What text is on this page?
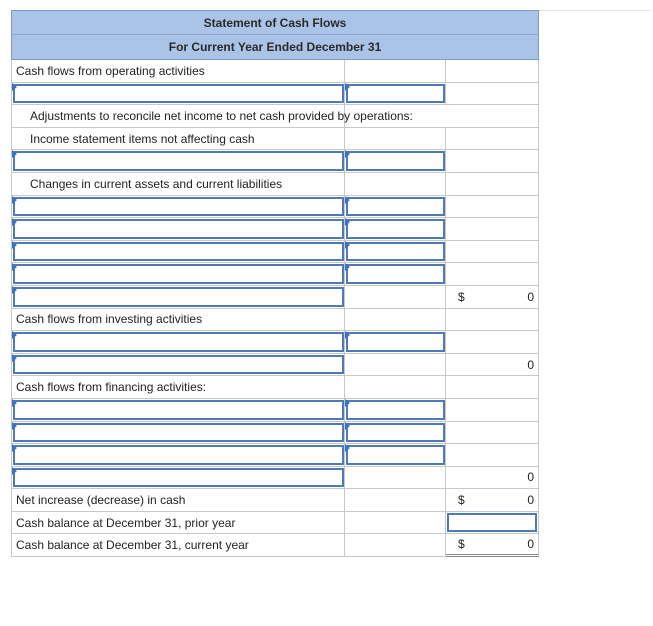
Statement of Cash Flows
For Current Year Ended December 31
Cash flows from operating activities
Adjustments to reconcile net income to net cash provided by operations:
Income statement items not affecting cash
Changes in current assets and current liabilities
$	0
Cash flows from investing activities
0
Cash flows from financing activities:
0
Net increase (decrease) in cash	$	0
Cash balance at December 31, prior year
Cash balance at December 31, current year	$	0
